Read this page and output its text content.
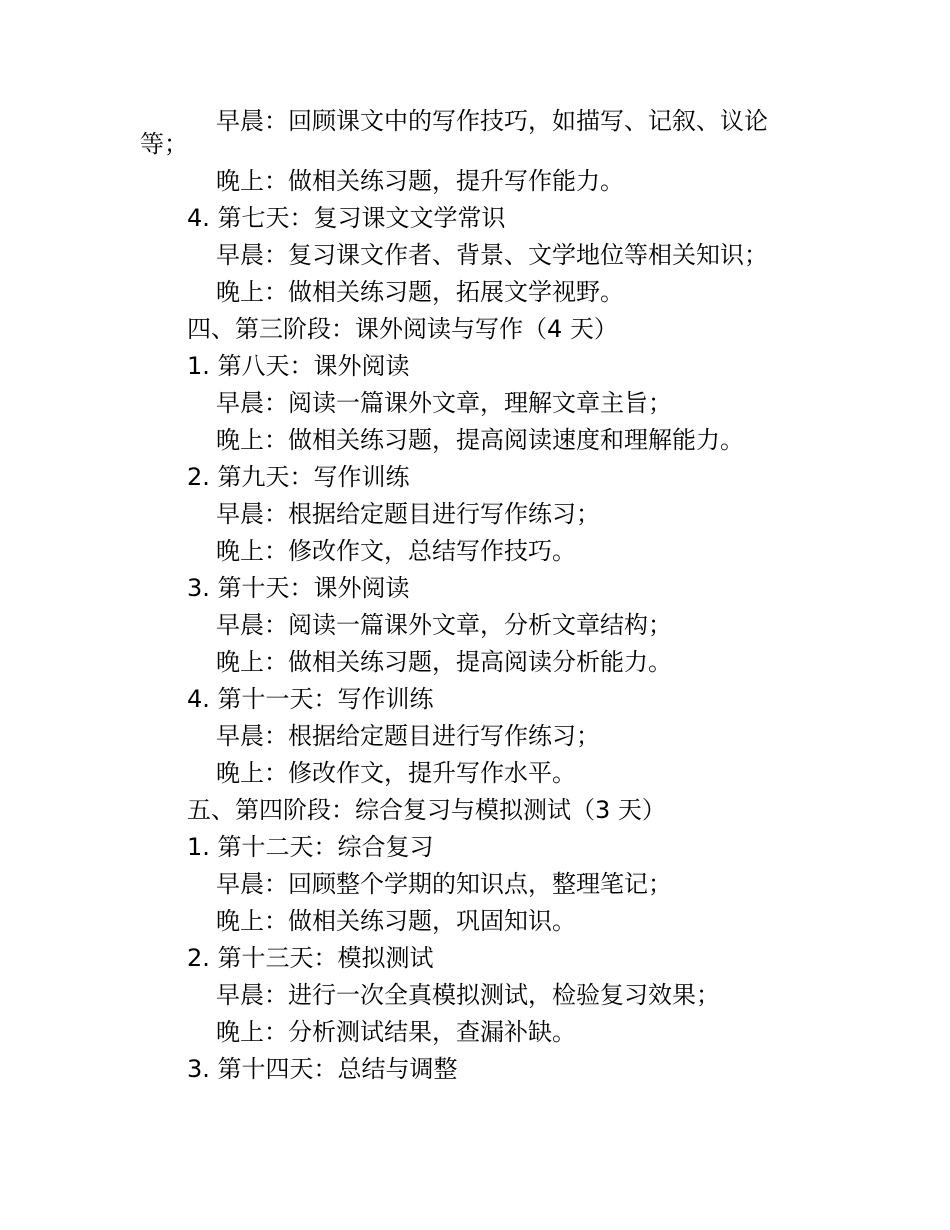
早晨：回顾课文中的写作技巧，如描写、记叙、议论
等；
晚上：做相关练习题，提升写作能力。
4. 第七天：复习课文文学常识
早晨：复习课文作者、背景、文学地位等相关知识；
晚上：做相关练习题，拓展文学视野。
四、第三阶段：课外阅读与写作（4 天）
1. 第八天：课外阅读
早晨：阅读一篇课外文章，理解文章主旨；
晚上：做相关练习题，提高阅读速度和理解能力。
2. 第九天：写作训练
早晨：根据给定题目进行写作练习；
晚上：修改作文，总结写作技巧。
3. 第十天：课外阅读
早晨：阅读一篇课外文章，分析文章结构；
晚上：做相关练习题，提高阅读分析能力。
4. 第十一天：写作训练
早晨：根据给定题目进行写作练习；
晚上：修改作文，提升写作水平。
五、第四阶段：综合复习与模拟测试（3 天）
1. 第十二天：综合复习
早晨：回顾整个学期的知识点，整理笔记；
晚上：做相关练习题，巩固知识。
2. 第十三天：模拟测试
早晨：进行一次全真模拟测试，检验复习效果；
晚上：分析测试结果，查漏补缺。
3. 第十四天：总结与调整
